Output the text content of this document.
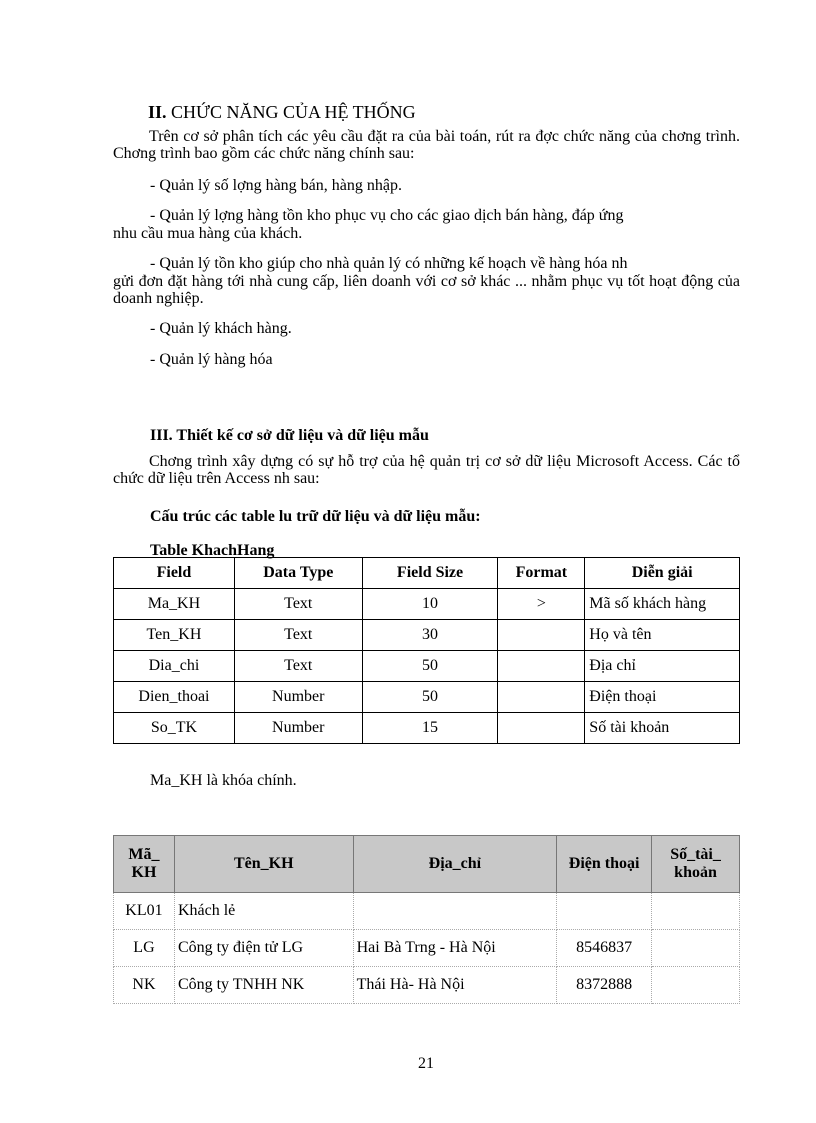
II. CHỨC NĂNG CỦA HỆ THỐNG
Trên cơ sở phân tích các yêu cầu đặt ra của bài toán, rút ra đợc chức năng của chơng trình. Chơng trình bao gồm các chức năng chính sau:
- Quản lý số lợng hàng bán, hàng nhập.
- Quản lý lợng hàng tồn kho phục vụ cho các giao dịch bán hàng, đáp ứng
nhu cầu mua hàng của khách.
- Quản lý tồn kho giúp cho nhà quản lý có những kế hoạch về hàng hóa nh
gửi đơn đặt hàng tới nhà cung cấp, liên doanh với cơ sở khác ... nhằm phục vụ tốt hoạt động của doanh nghiệp.
- Quản lý khách hàng.
- Quản lý hàng hóa
III. Thiết kế cơ sở dữ liệu và dữ liệu mẫu
Chơng trình xây dựng có sự hỗ trợ của hệ quản trị cơ sở dữ liệu Microsoft Access. Các tổ chức dữ liệu trên Access nh sau:
Cấu trúc các table lu trữ dữ liệu và dữ liệu mẫu:
Table KhachHang
Field	Data Type	Field Size	Format	Diễn giải
Ma_KH	Text	10	>	Mã số khách hàng
Ten_KH	Text	30		Họ và tên
Dia_chi	Text	50		Địa chỉ
Dien_thoai	Number	50		Điện thoại
So_TK	Number	15		Số tài khoản
Ma_KH là khóa chính.
Mã_ KH	Tên_KH	Địa_chỉ	Điện thoại	Số_tài_ khoản
KL01	Khách lẻ			
LG	Công ty điện tử LG	Hai Bà Trng - Hà Nội	8546837	
NK	Công ty TNHH NK	Thái Hà- Hà Nội	8372888	
21
